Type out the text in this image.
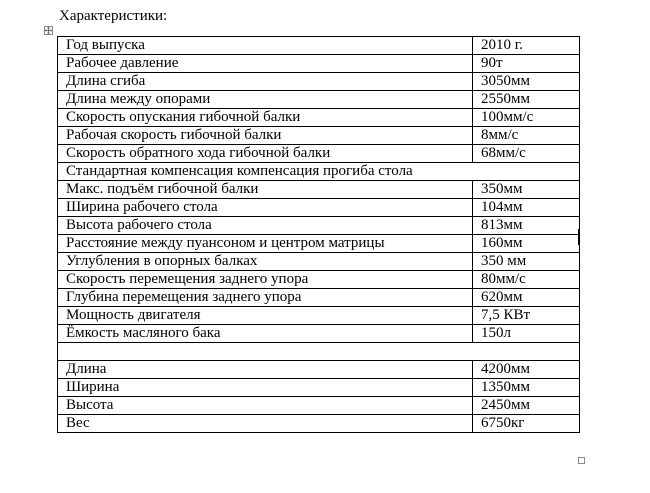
Характеристики:
Год выпуска	2010 г.
Рабочее давление	90т
Длина сгиба	3050мм
Длина между опорами	2550мм
Скорость опускания гибочной балки	100мм/с
Рабочая скорость гибочной балки	8мм/с
Скорость обратного хода гибочной балки	68мм/с
Стандартная компенсация компенсация прогиба стола	
Макс. подъём гибочной балки	350мм
Ширина рабочего стола	104мм
Высота рабочего стола	813мм
Расстояние между пуансоном и центром матрицы	160мм
Углубления в опорных балках	350 мм
Скорость перемещения заднего упора	80мм/с
Глубина перемещения заднего упора	620мм
Мощность двигателя	7,5 КВт
Ёмкость масляного бака	150л

Длина	4200мм
Ширина	1350мм
Высота	2450мм
Вес	6750кг
